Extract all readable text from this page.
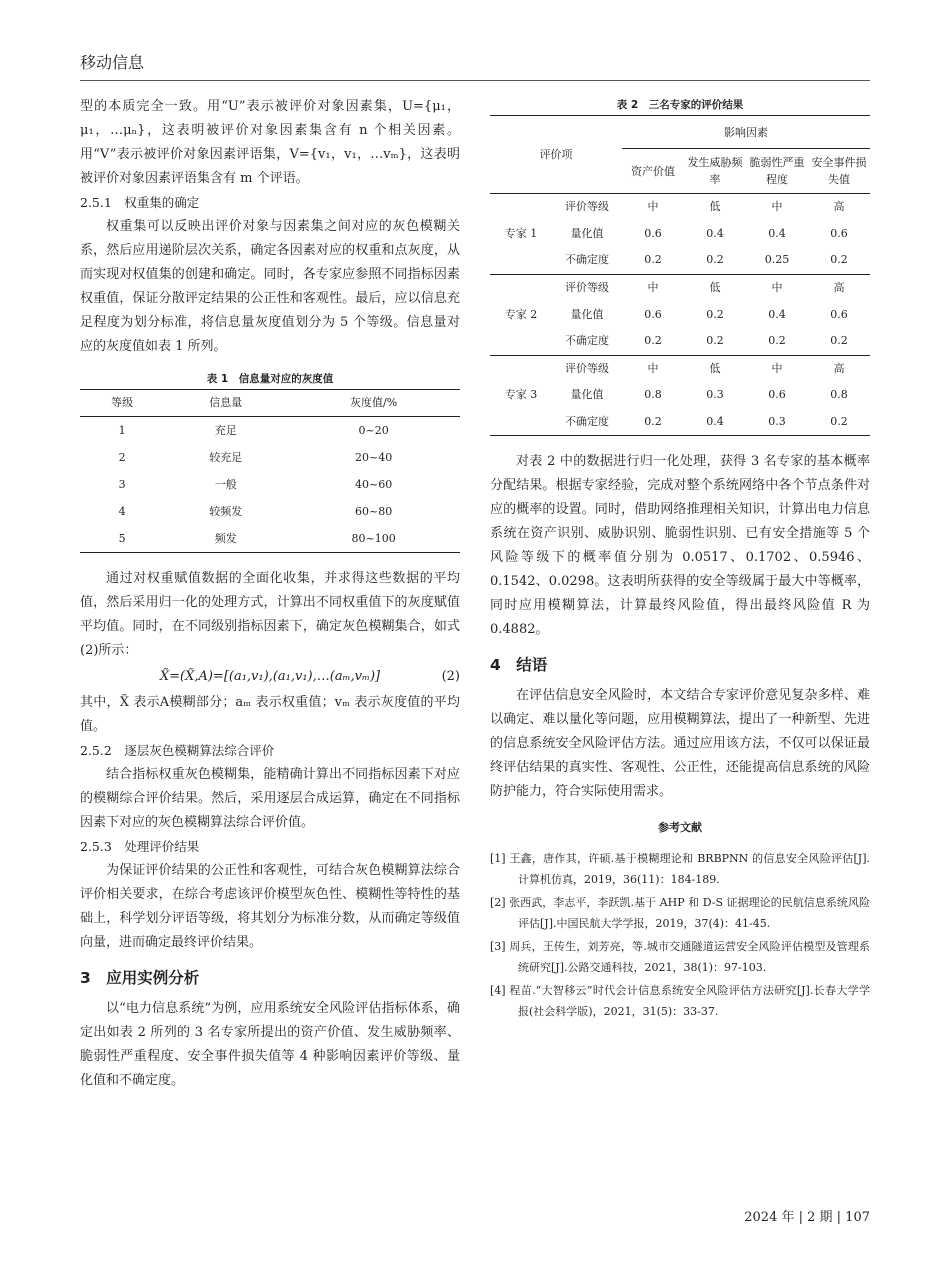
移动信息

型的本质完全一致。用“U”表示被评价对象因素集，U={μ₁，μ₁，…μₙ}，这表明被评价对象因素集含有 n 个相关因素。用“V”表示被评价对象因素评语集，V={v₁，v₁，…vₘ}，这表明被评价对象因素评语集含有 m 个评语。

2.5.1　权重集的确定

权重集可以反映出评价对象与因素集之间对应的灰色模糊关系，然后应用递阶层次关系，确定各因素对应的权重和点灰度，从而实现对权值集的创建和确定。同时，各专家应参照不同指标因素权重值，保证分散评定结果的公正性和客观性。最后，应以信息充足程度为划分标准，将信息量灰度值划分为 5 个等级。信息量对应的灰度值如表 1 所列。

表 1　信息量对应的灰度值
等级	信息量	灰度值/%
1	充足	0~20
2	较充足	20~40
3	一般	40~60
4	较频发	60~80
5	频发	80~100

通过对权重赋值数据的全面化收集，并求得这些数据的平均值，然后采用归一化的处理方式，计算出不同权重值下的灰度赋值平均值。同时，在不同级别指标因素下，确定灰色模糊集合，如式(2)所示：

X̃=(X̃,A)=[(a₁,v₁),(a₁,v₁),…(aₘ,vₘ)]	(2)

其中，X̃ 表示A模糊部分；aₘ 表示权重值；vₘ 表示灰度值的平均值。

2.5.2　逐层灰色模糊算法综合评价

结合指标权重灰色模糊集，能精确计算出不同指标因素下对应的模糊综合评价结果。然后，采用逐层合成运算，确定在不同指标因素下对应的灰色模糊算法综合评价值。

2.5.3　处理评价结果

为保证评价结果的公正性和客观性，可结合灰色模糊算法综合评价相关要求，在综合考虑该评价模型灰色性、模糊性等特性的基础上，科学划分评语等级，将其划分为标准分数，从而确定等级值向量，进而确定最终评价结果。

3　应用实例分析

以“电力信息系统”为例，应用系统安全风险评估指标体系，确定出如表 2 所列的 3 名专家所提出的资产价值、发生威胁频率、脆弱性严重程度、安全事件损失值等 4 种影响因素评价等级、量化值和不确定度。

表 2　三名专家的评价结果
评价项		影响因素			
		资产价值	发生威胁频率	脆弱性严重程度	安全事件损失值
专家 1	评价等级	中	低	中	高
	量化值	0.6	0.4	0.4	0.6
	不确定度	0.2	0.2	0.25	0.2
专家 2	评价等级	中	低	中	高
	量化值	0.6	0.2	0.4	0.6
	不确定度	0.2	0.2	0.2	0.2
专家 3	评价等级	中	低	中	高
	量化值	0.8	0.3	0.6	0.8
	不确定度	0.2	0.4	0.3	0.2

对表 2 中的数据进行归一化处理，获得 3 名专家的基本概率分配结果。根据专家经验，完成对整个系统网络中各个节点条件对应的概率的设置。同时，借助网络推理相关知识，计算出电力信息系统在资产识别、威胁识别、脆弱性识别、已有安全措施等 5 个风险等级下的概率值分别为 0.0517、0.1702、0.5946、0.1542、0.0298。这表明所获得的安全等级属于最大中等概率，同时应用模糊算法，计算最终风险值，得出最终风险值 R 为 0.4882。

4　结语

在评估信息安全风险时，本文结合专家评价意见复杂多样、难以确定、难以量化等问题，应用模糊算法，提出了一种新型、先进的信息系统安全风险评估方法。通过应用该方法，不仅可以保证最终评估结果的真实性、客观性、公正性，还能提高信息系统的风险防护能力，符合实际使用需求。

参考文献
[1] 王鑫，唐作其，许硕.基于模糊理论和 BRBPNN 的信息安全风险评估[J].计算机仿真，2019，36(11)：184-189.
[2] 张西武，李志平，李跃凯.基于 AHP 和 D-S 证据理论的民航信息系统风险评估[J].中国民航大学学报，2019，37(4)：41-45.
[3] 周兵，王传生，刘芳亮，等.城市交通隧道运营安全风险评估模型及管理系统研究[J].公路交通科技，2021，38(1)：97-103.
[4] 程苗.“大智移云”时代会计信息系统安全风险评估方法研究[J].长春大学学报(社会科学版)，2021，31(5)：33-37.
2024 年 | 2 期 | 107
